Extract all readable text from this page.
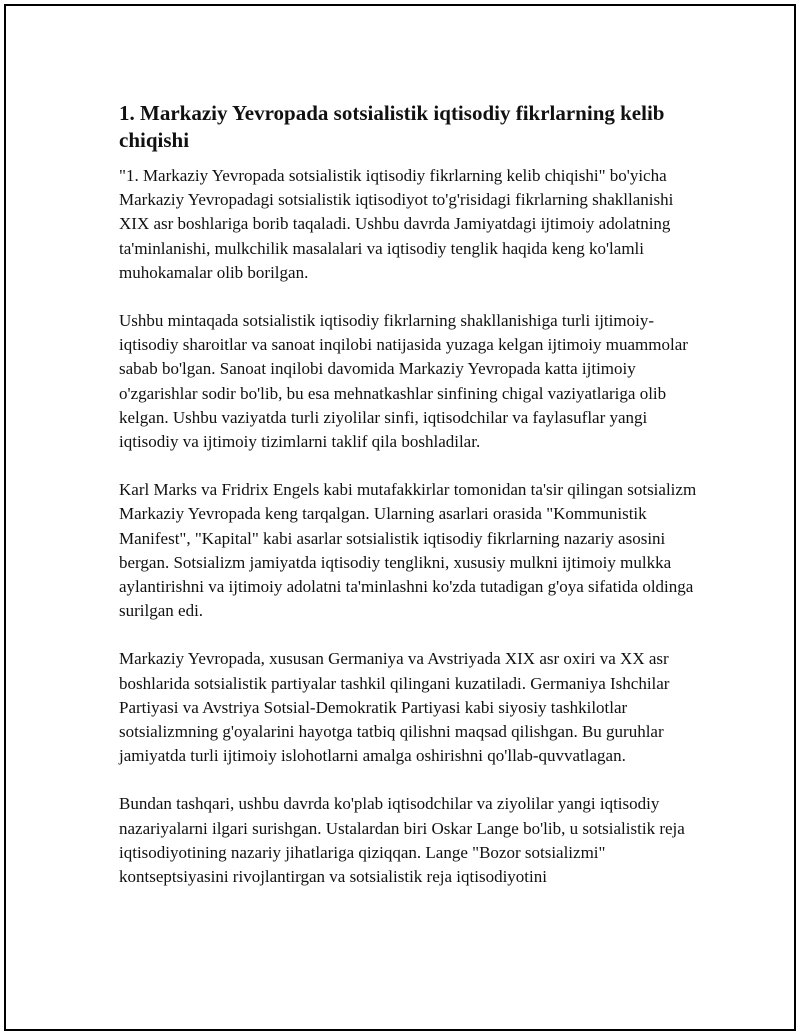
1. Markaziy Yevropada sotsialistik iqtisodiy fikrlarning kelib chiqishi

"1. Markaziy Yevropada sotsialistik iqtisodiy fikrlarning kelib chiqishi" bo'yicha Markaziy Yevropadagi sotsialistik iqtisodiyot to'g'risidagi fikrlarning shakllanishi XIX asr boshlariga borib taqaladi. Ushbu davrda Jamiyatdagi ijtimoiy adolatning ta'minlanishi, mulkchilik masalalari va iqtisodiy tenglik haqida keng ko'lamli muhokamalar olib borilgan.

Ushbu mintaqada sotsialistik iqtisodiy fikrlarning shakllanishiga turli ijtimoiy-iqtisodiy sharoitlar va sanoat inqilobi natijasida yuzaga kelgan ijtimoiy muammolar sabab bo'lgan. Sanoat inqilobi davomida Markaziy Yevropada katta ijtimoiy o'zgarishlar sodir bo'lib, bu esa mehnatkashlar sinfining chigal vaziyatlariga olib kelgan. Ushbu vaziyatda turli ziyolilar sinfi, iqtisodchilar va faylasuflar yangi iqtisodiy va ijtimoiy tizimlarni taklif qila boshladilar.

Karl Marks va Fridrix Engels kabi mutafakkirlar tomonidan ta'sir qilingan sotsializm Markaziy Yevropada keng tarqalgan. Ularning asarlari orasida "Kommunistik Manifest", "Kapital" kabi asarlar sotsialistik iqtisodiy fikrlarning nazariy asosini bergan. Sotsializm jamiyatda iqtisodiy tenglikni, xususiy mulkni ijtimoiy mulkka aylantirishni va ijtimoiy adolatni ta'minlashni ko'zda tutadigan g'oya sifatida oldinga surilgan edi.

Markaziy Yevropada, xususan Germaniya va Avstriyada XIX asr oxiri va XX asr boshlarida sotsialistik partiyalar tashkil qilingani kuzatiladi. Germaniya Ishchilar Partiyasi va Avstriya Sotsial-Demokratik Partiyasi kabi siyosiy tashkilotlar sotsializmning g'oyalarini hayotga tatbiq qilishni maqsad qilishgan. Bu guruhlar jamiyatda turli ijtimoiy islohotlarni amalga oshirishni qo'llab-quvvatlagan.

Bundan tashqari, ushbu davrda ko'plab iqtisodchilar va ziyolilar yangi iqtisodiy nazariyalarni ilgari surishgan. Ustalardan biri Oskar Lange bo'lib, u sotsialistik reja iqtisodiyotining nazariy jihatlariga qiziqqan. Lange "Bozor sotsializmi" kontseptsiyasini rivojlantirgan va sotsialistik reja iqtisodiyotini
